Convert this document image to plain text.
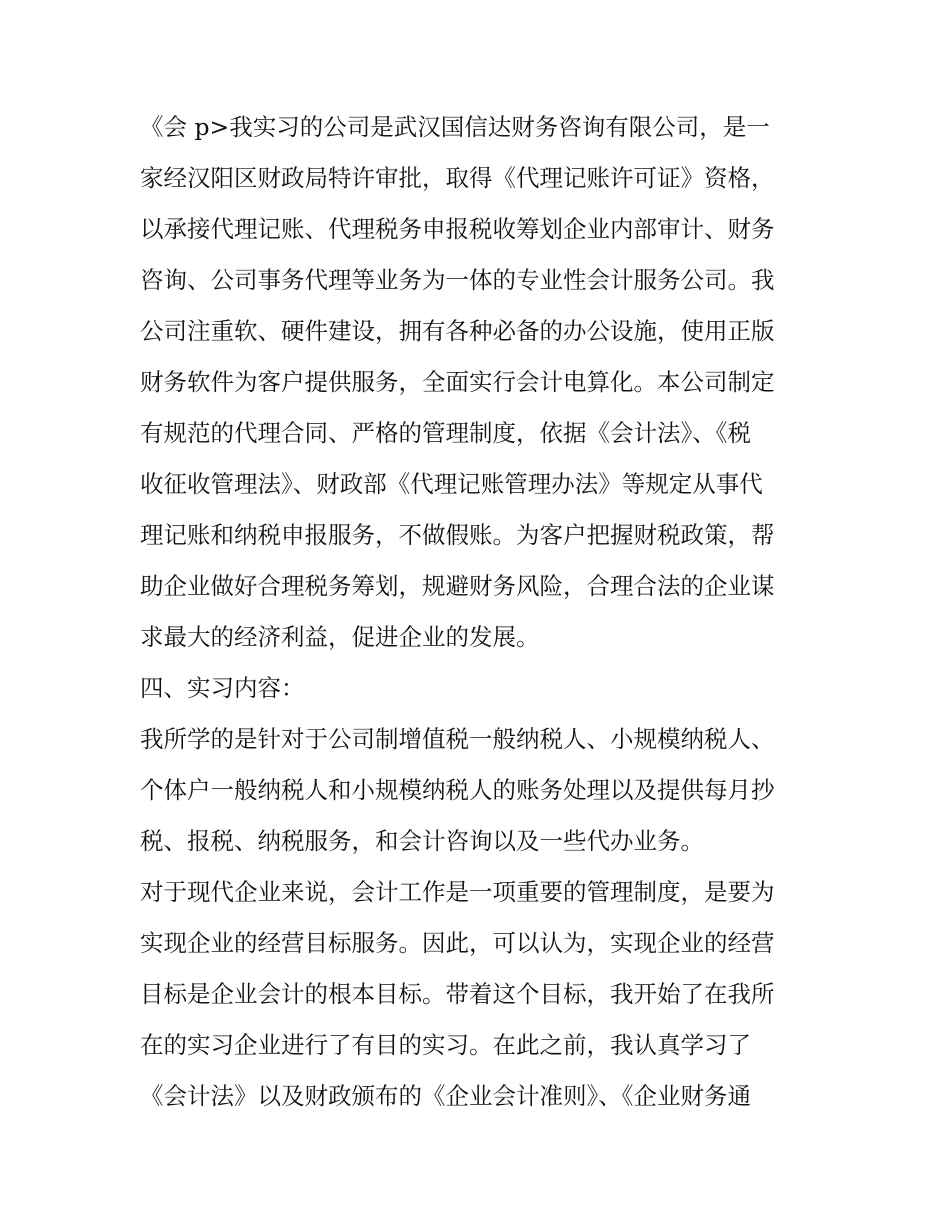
《会 p>我实习的公司是武汉国信达财务咨询有限公司，是一
家经汉阳区财政局特许审批，取得《代理记账许可证》资格，
以承接代理记账、代理税务申报税收筹划企业内部审计、财务
咨询、公司事务代理等业务为一体的专业性会计服务公司。我
公司注重软、硬件建设，拥有各种必备的办公设施，使用正版
财务软件为客户提供服务，全面实行会计电算化。本公司制定
有规范的代理合同、严格的管理制度，依据《会计法》、《税
收征收管理法》、财政部《代理记账管理办法》等规定从事代
理记账和纳税申报服务，不做假账。为客户把握财税政策，帮
助企业做好合理税务筹划，规避财务风险，合理合法的企业谋
求最大的经济利益，促进企业的发展。
四、实习内容：
我所学的是针对于公司制增值税一般纳税人、小规模纳税人、
个体户一般纳税人和小规模纳税人的账务处理以及提供每月抄
税、报税、纳税服务，和会计咨询以及一些代办业务。
对于现代企业来说，会计工作是一项重要的管理制度，是要为
实现企业的经营目标服务。因此，可以认为，实现企业的经营
目标是企业会计的根本目标。带着这个目标，我开始了在我所
在的实习企业进行了有目的实习。在此之前，我认真学习了
《会计法》以及财政颁布的《企业会计准则》、《企业财务通
